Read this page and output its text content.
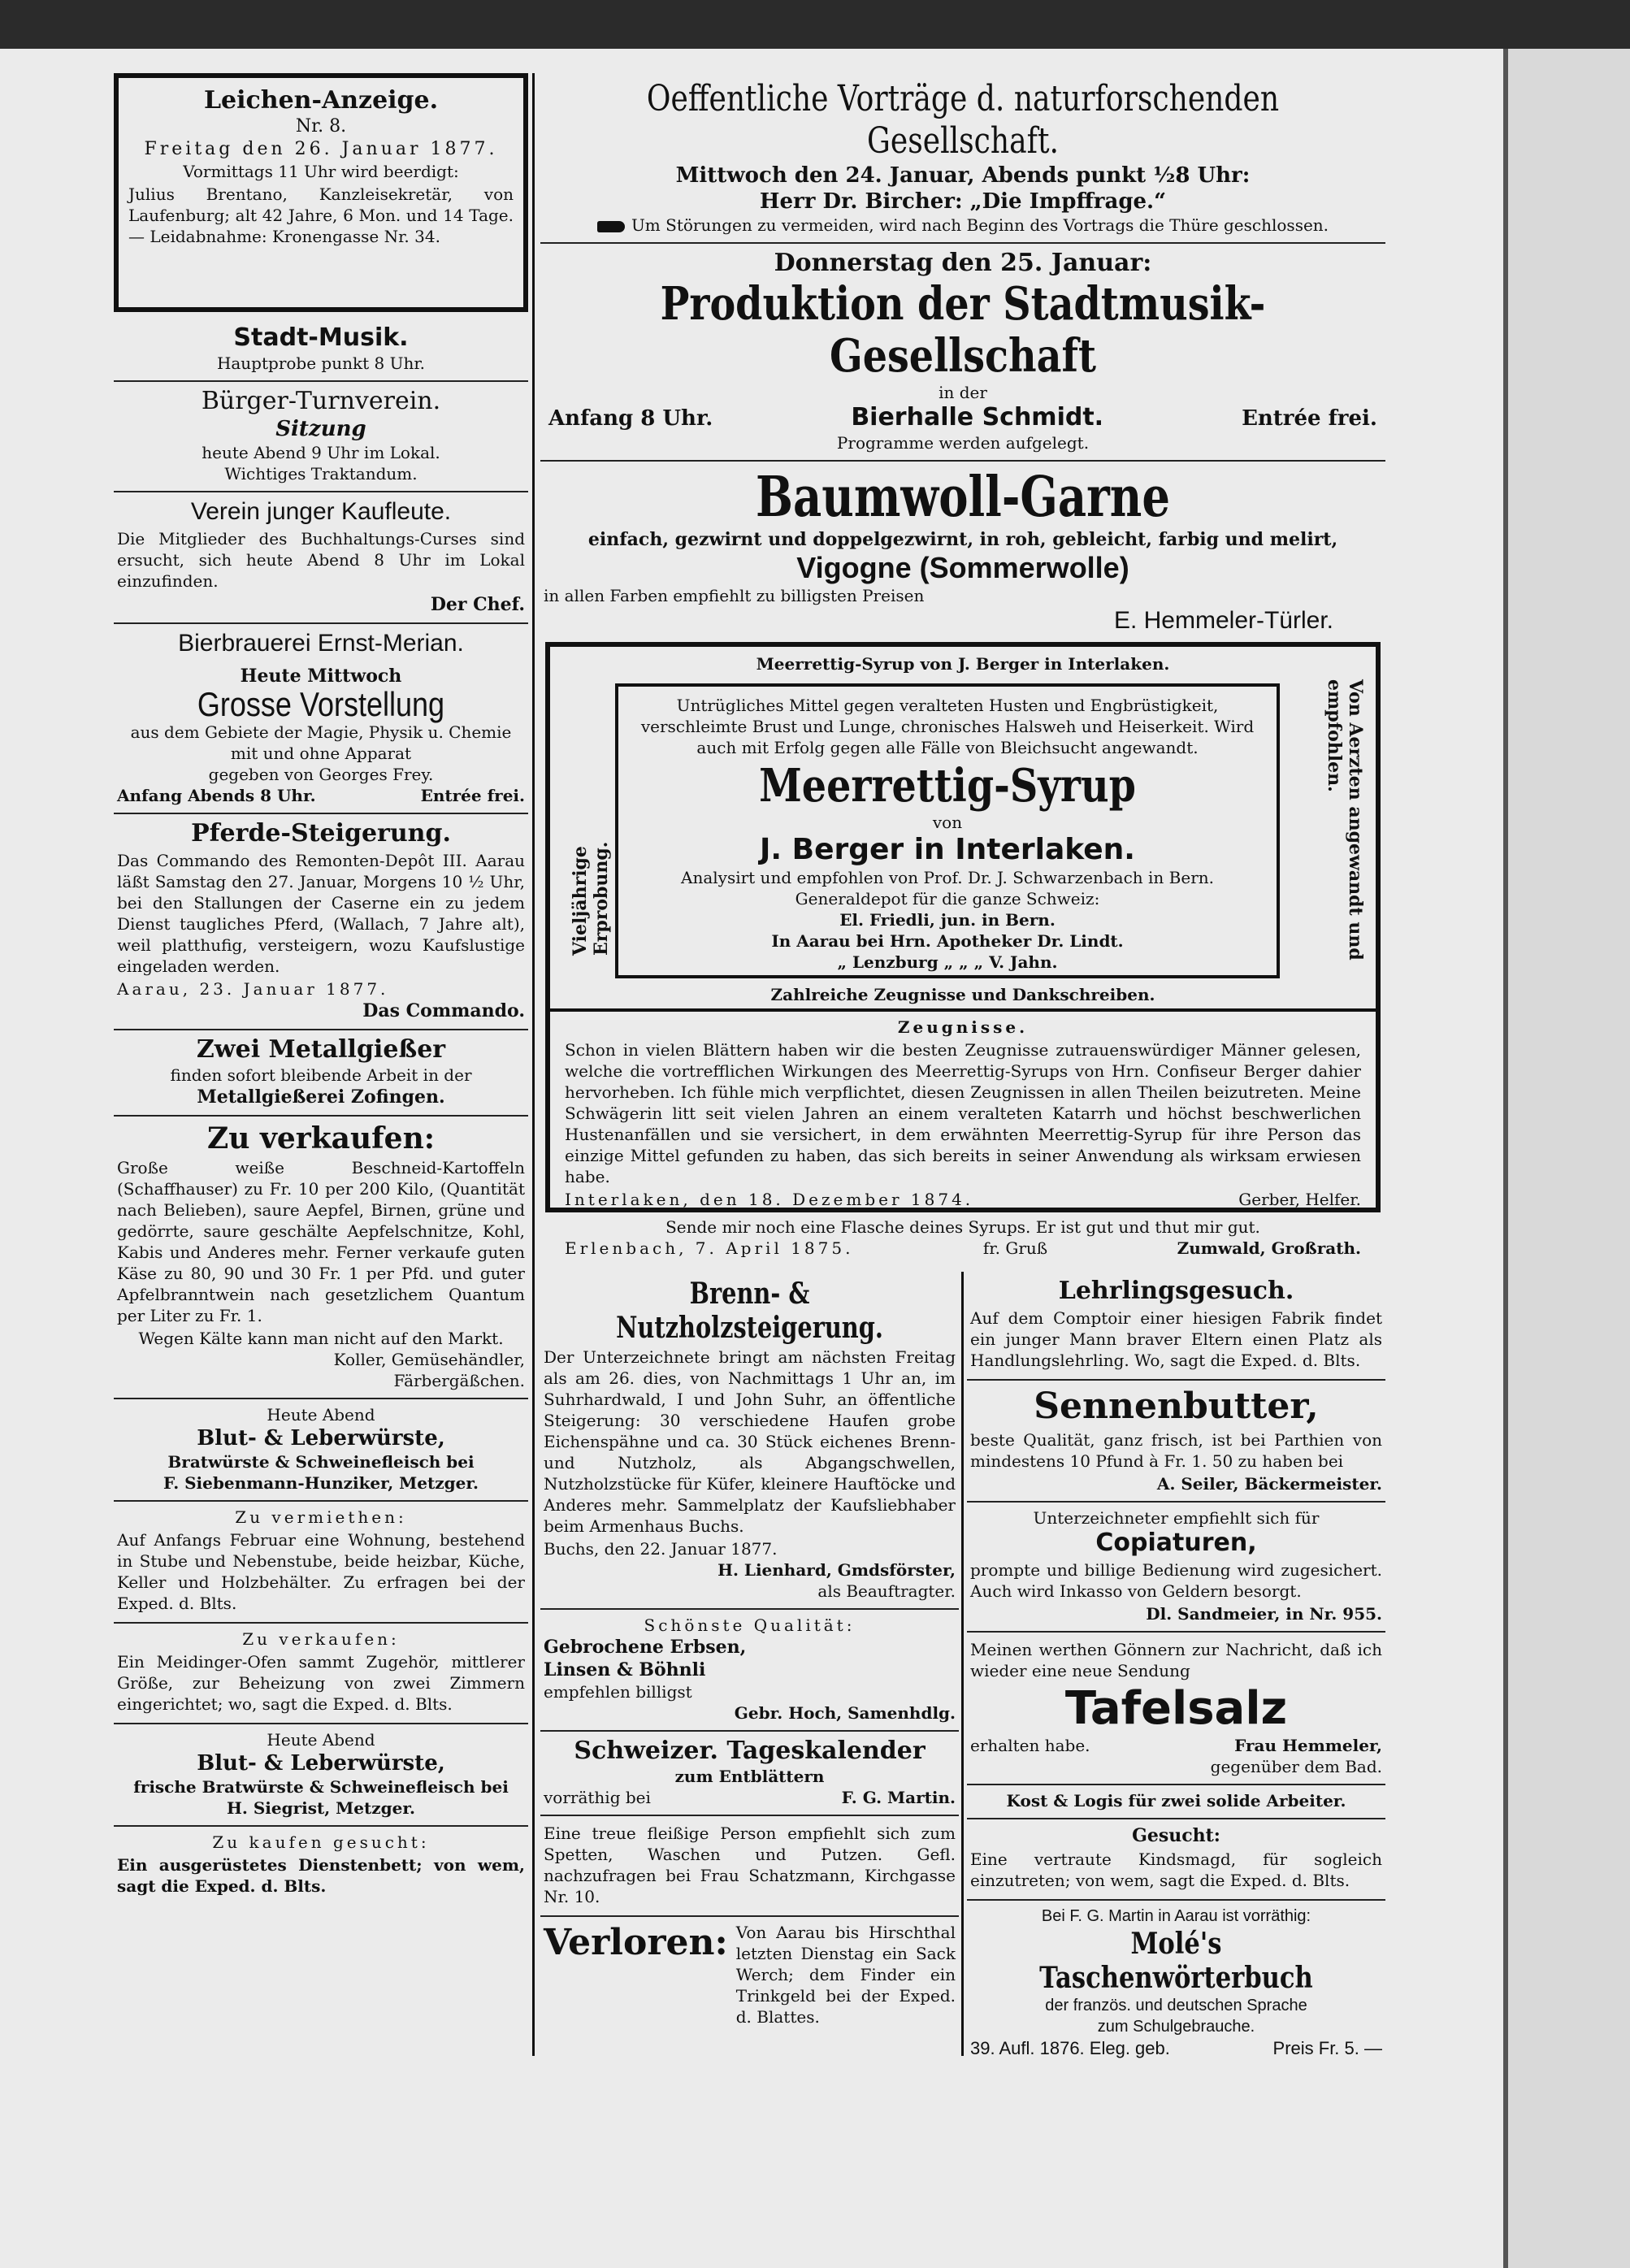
Leichen-Anzeige.
Nr. 8.
Freitag den 26. Januar 1877.
Vormittags 11 Uhr wird beerdigt:

Julius Brentano, Kanzleisekretär, von Laufenburg; alt 42 Jahre, 6 Mon. und 14 Tage. — Leidabnahme: Kronengasse Nr. 34.

Stadt-Musik.
Hauptprobe punkt 8 Uhr.
Bürger-Turnverein.
Sitzung
heute Abend 9 Uhr im Lokal.
Wichtiges Traktandum.
Verein junger Kaufleute.

Die Mitglieder des Buchhaltungs-Curses sind ersucht, sich heute Abend 8 Uhr im Lokal einzufinden.

Der Chef.
Bierbrauerei Ernst-Merian.
Heute Mittwoch
Grosse Vorstellung
aus dem Gebiete der Magie, Physik u. Chemie
mit und ohne Apparat
gegeben von Georges Frey.
Anfang Abends 8 Uhr.	Entrée frei.
Pferde-Steigerung.

Das Commando des Remonten-Depôt III. Aarau läßt Samstag den 27. Januar, Morgens 10 ½ Uhr, bei den Stallungen der Caserne ein zu jedem Dienst taugliches Pferd, (Wallach, 7 Jahre alt), weil platthufig, versteigern, wozu Kaufslustige eingeladen werden.

Aarau, 23. Januar 1877.
Das Commando.
Zwei Metallgießer
finden sofort bleibende Arbeit in der
Metallgießerei Zofingen.
Zu verkaufen:

Große weiße Beschneid-Kartoffeln (Schaffhauser) zu Fr. 10 per 200 Kilo, (Quantität nach Belieben), saure Aepfel, Birnen, grüne und gedörrte, saure geschälte Aepfelschnitze, Kohl, Kabis und Anderes mehr. Ferner verkaufe guten Käse zu 80, 90 und 30 Fr. 1 per Pfd. und guter Apfelbranntwein nach gesetzlichem Quantum per Liter zu Fr. 1.

Wegen Kälte kann man nicht auf den Markt.
Koller, Gemüsehändler,
Färbergäßchen.
Heute Abend
Blut- & Leberwürste,
Bratwürste & Schweinefleisch bei
F. Siebenmann-Hunziker, Metzger.
Zu vermiethen:

Auf Anfangs Februar eine Wohnung, bestehend in Stube und Nebenstube, beide heizbar, Küche, Keller und Holzbehälter. Zu erfragen bei der Exped. d. Blts.

Zu verkaufen:

Ein Meidinger-Ofen sammt Zugehör, mittlerer Größe, zur Beheizung von zwei Zimmern eingerichtet; wo, sagt die Exped. d. Blts.

Heute Abend
Blut- & Leberwürste,
frische Bratwürste & Schweinefleisch bei
H. Siegrist, Metzger.
Zu kaufen gesucht:

Ein ausgerüstetes Dienstenbett; von wem, sagt die Exped. d. Blts.

Oeffentliche Vorträge d. naturforschenden Gesellschaft.
Mittwoch den 24. Januar, Abends punkt ½8 Uhr:
Herr Dr. Bircher: „Die Impffrage.“
Um Störungen zu vermeiden, wird nach Beginn des Vortrags die Thüre geschlossen.
Donnerstag den 25. Januar:
Produktion der Stadtmusik-Gesellschaft
in der
Anfang 8 Uhr.	Bierhalle Schmidt.	Entrée frei.
Programme werden aufgelegt.
Baumwoll-Garne
einfach, gezwirnt und doppelgezwirnt, in roh, gebleicht, farbig und melirt,
Vigogne (Sommerwolle)
in allen Farben empfiehlt zu billigsten Preisen
E. Hemmeler-Türler.
Meerrettig-Syrup von J. Berger in Interlaken.
Vieljährige Erprobung.	Von Aerzten angewandt und empfohlen.

Untrügliches Mittel gegen veralteten Husten und Engbrüstigkeit, verschleimte Brust und Lunge, chronisches Halsweh und Heiserkeit. Wird auch mit Erfolg gegen alle Fälle von Bleichsucht angewandt.

Meerrettig-Syrup
von
J. Berger in Interlaken.
Analysirt und empfohlen von Prof. Dr. J. Schwarzenbach in Bern.
Generaldepot für die ganze Schweiz:
El. Friedli, jun. in Bern.
In Aarau bei Hrn. Apotheker Dr. Lindt.
„ Lenzburg „ „ „ V. Jahn.
Zahlreiche Zeugnisse und Dankschreiben.
Zeugnisse.

Schon in vielen Blättern haben wir die besten Zeugnisse zutrauenswürdiger Männer gelesen, welche die vortrefflichen Wirkungen des Meerrettig-Syrups von Hrn. Confiseur Berger dahier hervorheben. Ich fühle mich verpflichtet, diesen Zeugnissen in allen Theilen beizutreten. Meine Schwägerin litt seit vielen Jahren an einem veralteten Katarrh und höchst beschwerlichen Hustenanfällen und sie versichert, in dem erwähnten Meerrettig-Syrup für ihre Person das einzige Mittel gefunden zu haben, das sich bereits in seiner Anwendung als wirksam erwiesen habe.

Interlaken, den 18. Dezember 1874.	Gerber, Helfer.
Sende mir noch eine Flasche deines Syrups. Er ist gut und thut mir gut.
Erlenbach, 7. April 1875.	fr. Gruß	Zumwald, Großrath.
Brenn- & Nutzholzsteigerung.

Der Unterzeichnete bringt am nächsten Freitag als am 26. dies, von Nachmittags 1 Uhr an, im Suhrhardwald, I und John Suhr, an öffentliche Steigerung: 30 verschiedene Haufen grobe Eichenspähne und ca. 30 Stück eichenes Brenn- und Nutzholz, als Abgangschwellen, Nutzholzstücke für Küfer, kleinere Hauftöcke und Anderes mehr. Sammelplatz der Kaufsliebhaber beim Armenhaus Buchs.

Buchs, den 22. Januar 1877.
H. Lienhard, Gmdsförster,
als Beauftragter.
Schönste Qualität:
Gebrochene Erbsen,
Linsen & Böhnli
empfehlen billigst
Gebr. Hoch, Samenhdlg.
Schweizer. Tageskalender
zum Entblättern
vorräthig bei	F. G. Martin.

Eine treue fleißige Person empfiehlt sich zum Spetten, Waschen und Putzen. Gefl. nachzufragen bei Frau Schatzmann, Kirchgasse Nr. 10.

Verloren: Von Aarau bis Hirschthal letzten Dienstag ein Sack Werch; dem Finder ein Trinkgeld bei der Exped. d. Blattes.

Lehrlingsgesuch.

Auf dem Comptoir einer hiesigen Fabrik findet ein junger Mann braver Eltern einen Platz als Handlungslehrling. Wo, sagt die Exped. d. Blts.

Sennenbutter,

beste Qualität, ganz frisch, ist bei Parthien von mindestens 10 Pfund à Fr. 1. 50 zu haben bei

A. Seiler, Bäckermeister.
Unterzeichneter empfiehlt sich für
Copiaturen,

prompte und billige Bedienung wird zugesichert. Auch wird Inkasso von Geldern besorgt.

Dl. Sandmeier, in Nr. 955.

Meinen werthen Gönnern zur Nachricht, daß ich wieder eine neue Sendung

Tafelsalz
erhalten habe.	Frau Hemmeler,
gegenüber dem Bad.
Kost & Logis für zwei solide Arbeiter.
Gesucht:

Eine vertraute Kindsmagd, für sogleich einzutreten; von wem, sagt die Exped. d. Blts.

Bei F. G. Martin in Aarau ist vorräthig:
Molé's Taschenwörterbuch
der französ. und deutschen Sprache
zum Schulgebrauche.
39. Aufl. 1876. Eleg. geb.	Preis Fr. 5. —
